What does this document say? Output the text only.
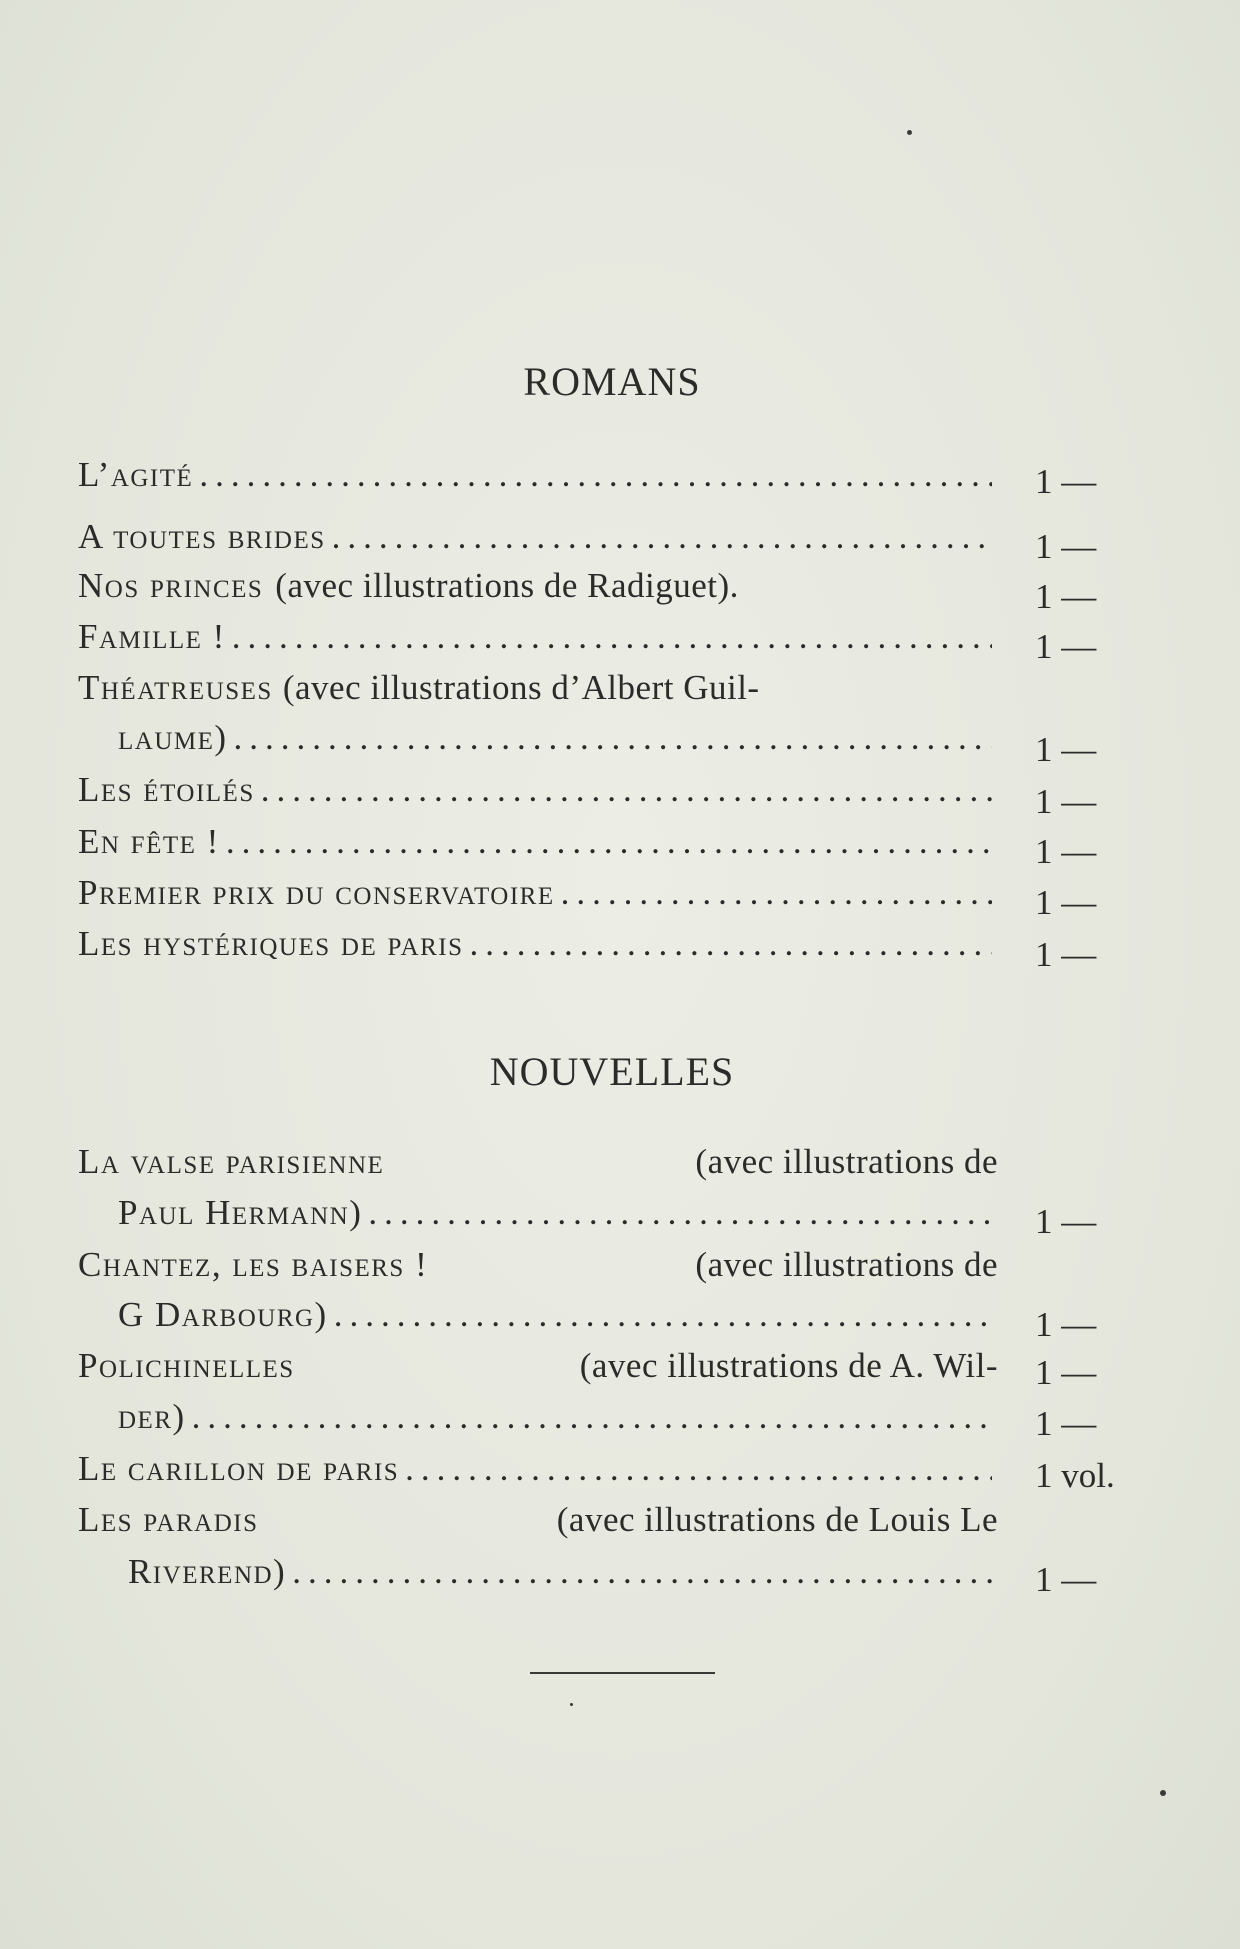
ROMANS
L’agité .....	1 —
A toutes brides .....	1 —
Nos princes (avec illustrations de Radiguet).	1 —
Famille ! .....	1 —
Théatreuses (avec illustrations d’Albert Guil-
laume) .....	1 —
Les étoilés .....	1 —
En fête ! .....	1 —
Premier prix du conservatoire .....	1 —
Les hystériques de paris .....	1 —
NOUVELLES
La valse parisienne	(avec illustrations de
Paul Hermann) .....	1 —
Chantez, les baisers !	(avec illustrations de
G Darbourg) .....	1 —
Polichinelles	(avec illustrations de A. Wil- 1 —
der) .....	1 —
Le carillon de paris .....	1 vol.
Les paradis	(avec illustrations de Louis Le
Riverend) .....	1 —
